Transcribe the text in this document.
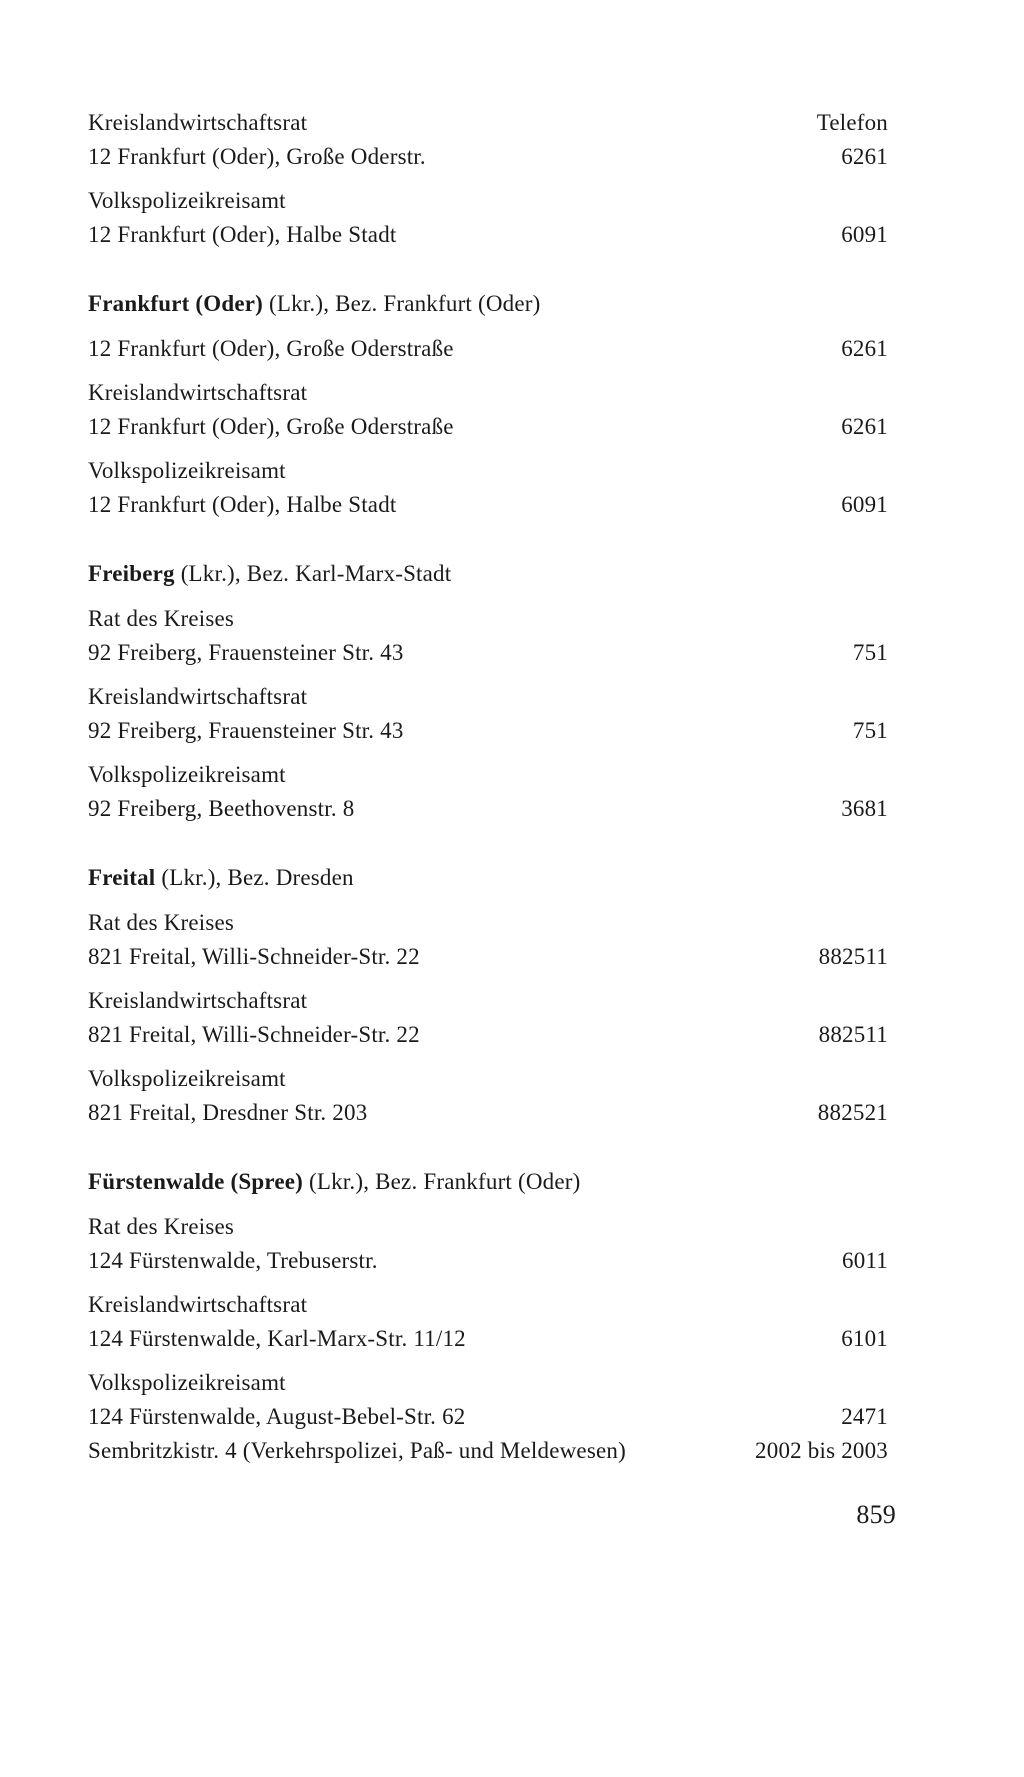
Kreislandwirtschaftsrat	Telefon
12 Frankfurt (Oder), Große Oderstr.	6261
Volkspolizeikreisamt
12 Frankfurt (Oder), Halbe Stadt	6091
Frankfurt (Oder) (Lkr.), Bez. Frankfurt (Oder)
12 Frankfurt (Oder), Große Oderstraße	6261
Kreislandwirtschaftsrat
12 Frankfurt (Oder), Große Oderstraße	6261
Volkspolizeikreisamt
12 Frankfurt (Oder), Halbe Stadt	6091
Freiberg (Lkr.), Bez. Karl-Marx-Stadt
Rat des Kreises
92 Freiberg, Frauensteiner Str. 43	751
Kreislandwirtschaftsrat
92 Freiberg, Frauensteiner Str. 43	751
Volkspolizeikreisamt
92 Freiberg, Beethovenstr. 8	3681
Freital (Lkr.), Bez. Dresden
Rat des Kreises
821 Freital, Willi-Schneider-Str. 22	882511
Kreislandwirtschaftsrat
821 Freital, Willi-Schneider-Str. 22	882511
Volkspolizeikreisamt
821 Freital, Dresdner Str. 203	882521
Fürstenwalde (Spree) (Lkr.), Bez. Frankfurt (Oder)
Rat des Kreises
124 Fürstenwalde, Trebuserstr.	6011
Kreislandwirtschaftsrat
124 Fürstenwalde, Karl-Marx-Str. 11/12	6101
Volkspolizeikreisamt
124 Fürstenwalde, August-Bebel-Str. 62	2471
Sembritzkistr. 4 (Verkehrspolizei, Paß- und Meldewesen)	2002 bis 2003
859
